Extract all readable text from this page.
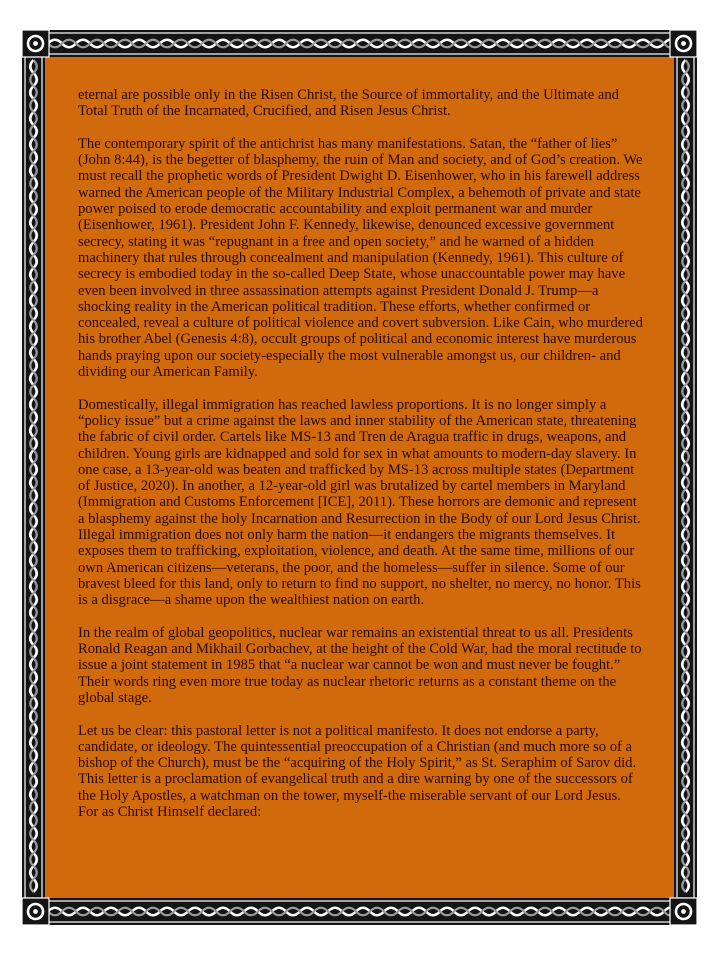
eternal are possible only in the Risen Christ, the Source of immortality, and the Ultimate and Total Truth of the Incarnated, Crucified, and Risen Jesus Christ.

The contemporary spirit of the antichrist has many manifestations. Satan, the “father of lies” (John 8:44), is the begetter of blasphemy, the ruin of Man and society, and of God’s creation. We must recall the prophetic words of President Dwight D. Eisenhower, who in his farewell address warned the American people of the Military Industrial Complex, a behemoth of private and state power poised to erode democratic accountability and exploit permanent war and murder (Eisenhower, 1961). President John F. Kennedy, likewise, denounced excessive government secrecy, stating it was “repugnant in a free and open society,” and he warned of a hidden machinery that rules through concealment and manipulation (Kennedy, 1961). This culture of secrecy is embodied today in the so-called Deep State, whose unaccountable power may have even been involved in three assassination attempts against President Donald J. Trump—a shocking reality in the American political tradition. These efforts, whether confirmed or concealed, reveal a culture of political violence and covert subversion. Like Cain, who murdered his brother Abel (Genesis 4:8), occult groups of political and economic interest have murderous hands praying upon our society-especially the most vulnerable amongst us, our children- and dividing our American Family.

Domestically, illegal immigration has reached lawless proportions. It is no longer simply a “policy issue” but a crime against the laws and inner stability of the American state, threatening the fabric of civil order. Cartels like MS-13 and Tren de Aragua traffic in drugs, weapons, and children. Young girls are kidnapped and sold for sex in what amounts to modern-day slavery. In one case, a 13-year-old was beaten and trafficked by MS-13 across multiple states (Department of Justice, 2020). In another, a 12-year-old girl was brutalized by cartel members in Maryland (Immigration and Customs Enforcement [ICE], 2011). These horrors are demonic and represent a blasphemy against the holy Incarnation and Resurrection in the Body of our Lord Jesus Christ. Illegal immigration does not only harm the nation—it endangers the migrants themselves. It exposes them to trafficking, exploitation, violence, and death. At the same time, millions of our own American citizens—veterans, the poor, and the homeless—suffer in silence. Some of our bravest bleed for this land, only to return to find no support, no shelter, no mercy, no honor. This is a disgrace—a shame upon the wealthiest nation on earth.

In the realm of global geopolitics, nuclear war remains an existential threat to us all. Presidents Ronald Reagan and Mikhail Gorbachev, at the height of the Cold War, had the moral rectitude to issue a joint statement in 1985 that “a nuclear war cannot be won and must never be fought.” Their words ring even more true today as nuclear rhetoric returns as a constant theme on the global stage.

Let us be clear: this pastoral letter is not a political manifesto. It does not endorse a party, candidate, or ideology. The quintessential preoccupation of a Christian (and much more so of a bishop of the Church), must be the “acquiring of the Holy Spirit,” as St. Seraphim of Sarov did. This letter is a proclamation of evangelical truth and a dire warning by one of the successors of the Holy Apostles, a watchman on the tower, myself-the miserable servant of our Lord Jesus. For as Christ Himself declared:
